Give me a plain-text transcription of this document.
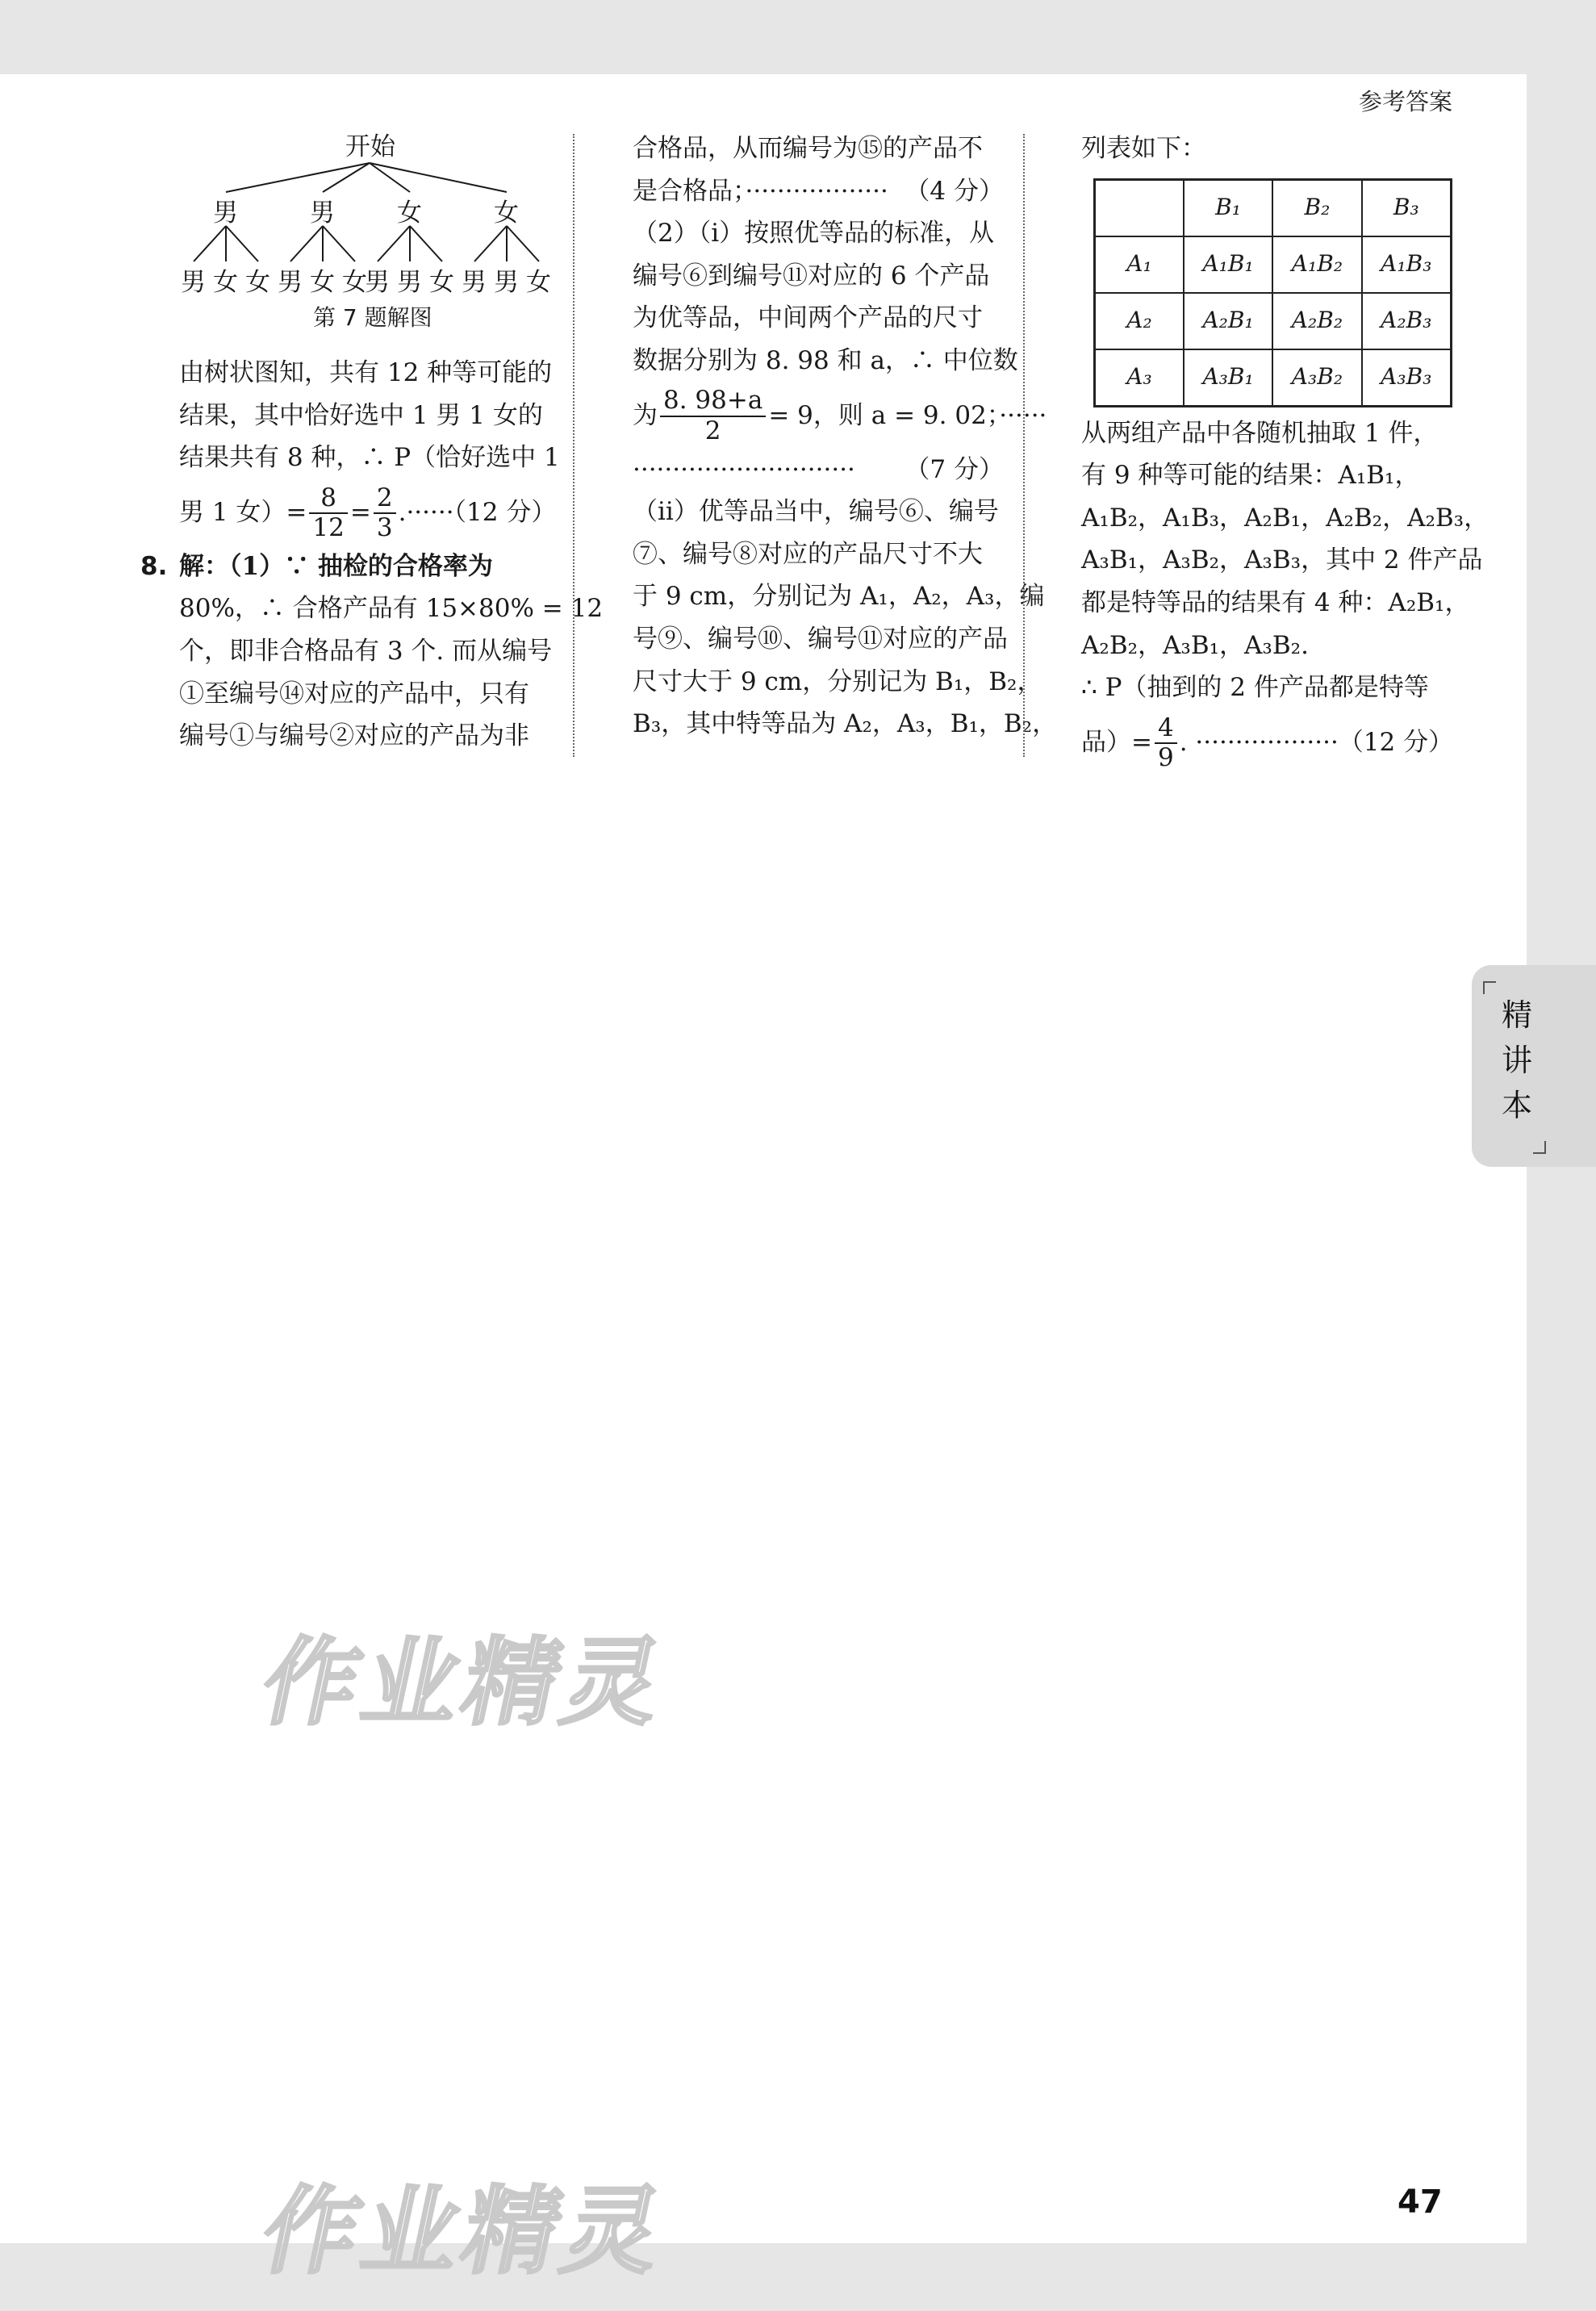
参考答案
开始
男	男 女	女
男 女 女 男 女 女
男 男 女 男 男 女
第 7 题解图

由树状图知，共有 12 种等可能的

结果，其中恰好选中 1 男 1 女的

结果共有 8 种，∴ P（恰好选中 1

男 1 女）= $\frac{8}{12} = \frac{2}{3}$ . ······（12 分）

8. 解：（1）∵ 抽检的合格率为

80%，∴ 合格产品有 15×80% = 12

个，即非合格品有 3 个. 而从编号

①至编号⑭对应的产品中，只有

编号①与编号②对应的产品为非

合格品，从而编号为⑮的产品不

是合格品；·················· （4 分）

（2）（ⅰ）按照优等品的标准，从

编号⑥到编号⑪对应的 6 个产品

为优等品，中间两个产品的尺寸

数据分别为 8. 98 和 a，∴ 中位数

为 $\frac{8. 98+a}{2} = 9$，则 a = 9. 02；······

···························· （7 分）

（ⅱ）优等品当中，编号⑥、编号

⑦、编号⑧对应的产品尺寸不大

于 9 cm，分别记为 A₁，A₂，A₃，编

号⑨、编号⑩、编号⑪对应的产品

尺寸大于 9 cm，分别记为 B₁，B₂，

B₃，其中特等品为 A₂，A₃，B₁，B₂，

列表如下：

	B₁	B₂	B₃
A₁	A₁B₁	A₁B₂	A₁B₃
A₂	A₂B₁	A₂B₂	A₂B₃
A₃	A₃B₁	A₃B₂	A₃B₃

从两组产品中各随机抽取 1 件，

有 9 种等可能的结果：A₁B₁，

A₁B₂，A₁B₃，A₂B₁，A₂B₂，A₂B₃，

A₃B₁，A₃B₂，A₃B₃，其中 2 件产品

都是特等品的结果有 4 种：A₂B₁，

A₂B₂，A₃B₁，A₃B₂.

∴ P（抽到的 2 件产品都是特等

品）= $\frac{4}{9}$ . ·················· （12 分）

精
讲
本
作业精灵
作业精灵	47
